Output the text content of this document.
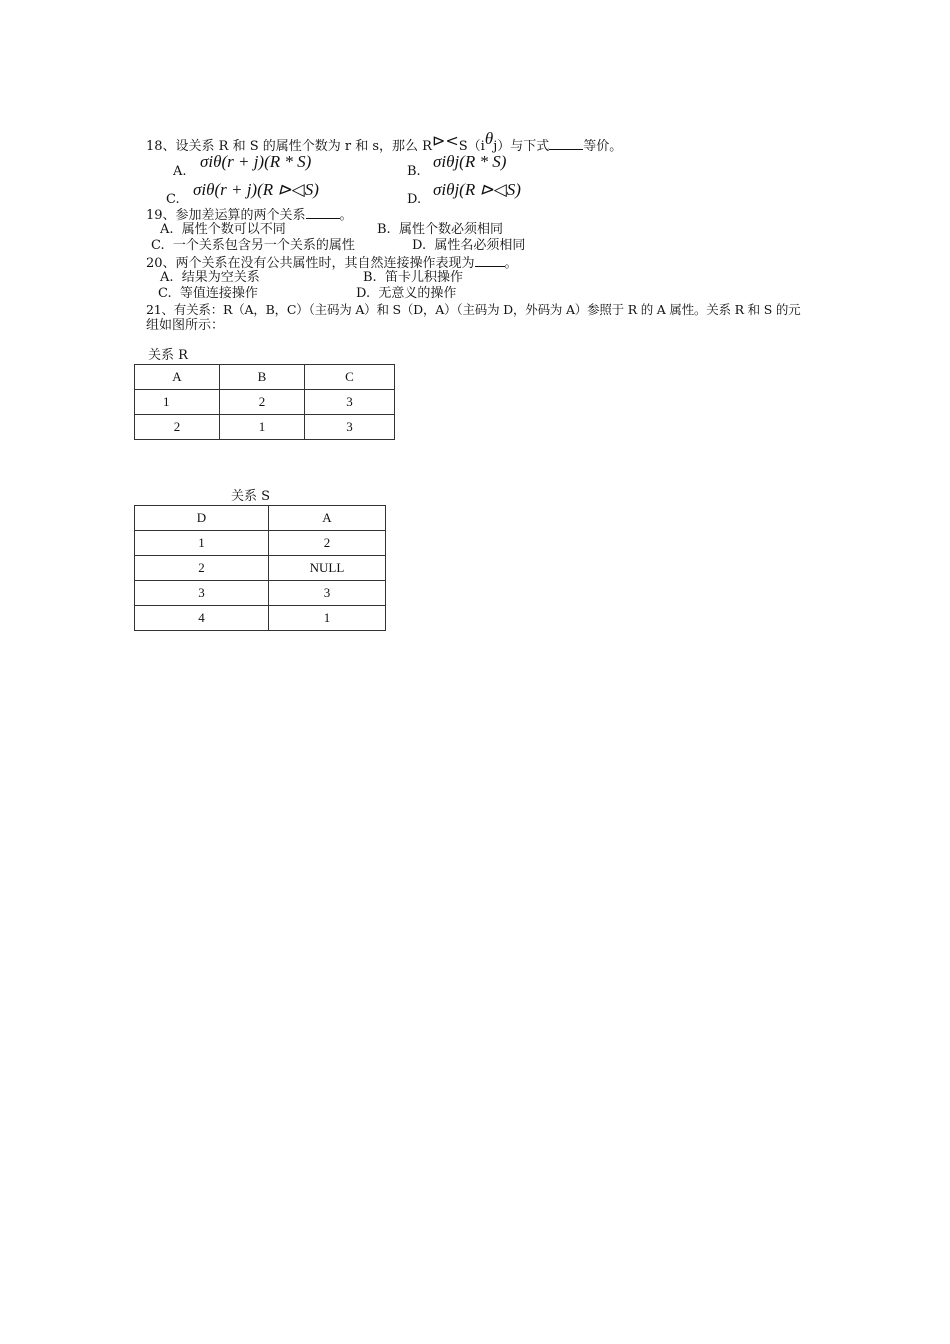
18、设关系 R 和 S 的属性个数为 r 和 s，那么 R⊳<S（iθj）与下式	等价。
A.
σiθ(r + j)(R * S)
B.
σiθj(R * S)
C.
σiθ(r + j)(R ⊳◁S)
D.
σiθj(R ⊳◁S)
19、参加差运算的两个关系	。
A. 属性个数可以不同	B. 属性个数必须相同
C. 一个关系包含另一个关系的属性	D. 属性名必须相同
20、两个关系在没有公共属性时，其自然连接操作表现为 。
A. 结果为空关系	B. 笛卡儿积操作
C. 等值连接操作	D. 无意义的操作
21、有关系：R（A，B，C）（主码为 A）和 S（D，A）（主码为 D，外码为 A）参照于 R 的 A 属性。关系 R 和 S 的元
组如图所示：
关系 R
A	B	C
1	2	3
2	1	3
关系 S
D	A
1	2
2	NULL
3	3
4	1
